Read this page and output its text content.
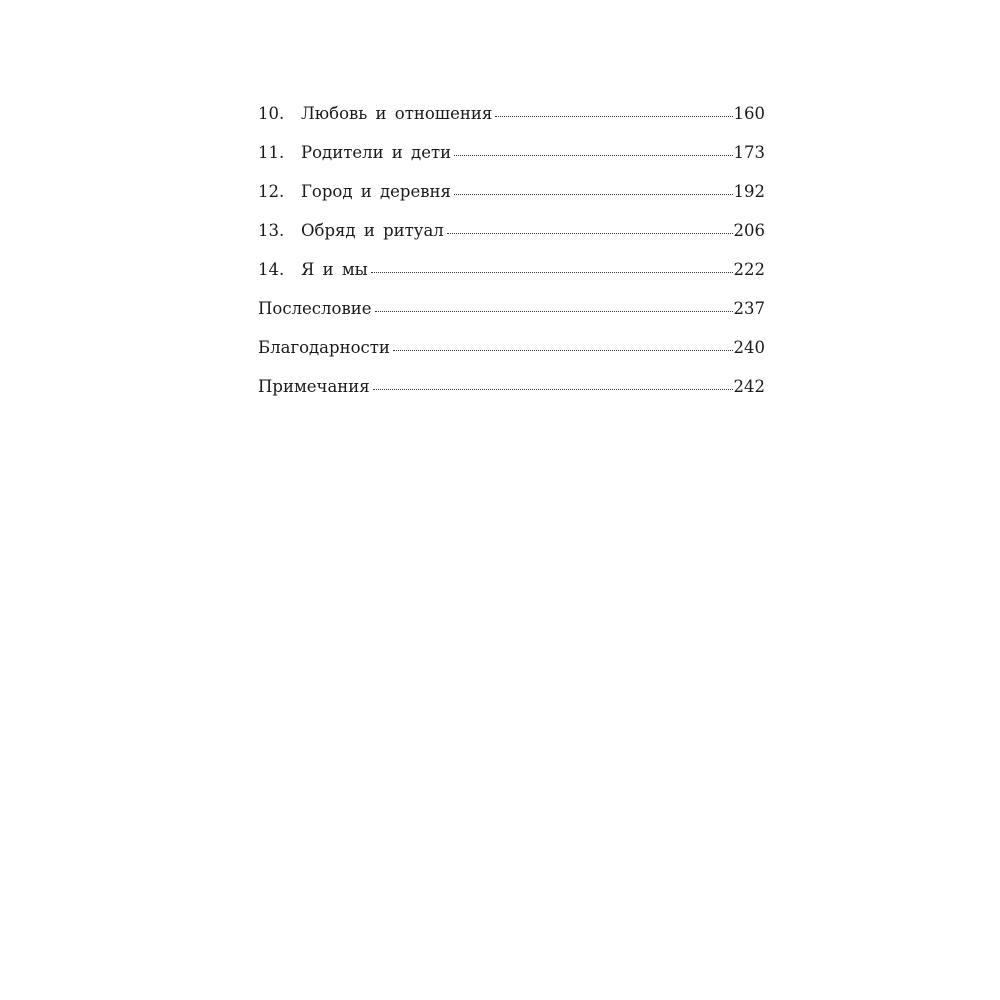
10.	Любовь и отношения	160
11.	Родители и дети	173
12.	Город и деревня	192
13.	Обряд и ритуал	206
14.	Я и мы	222
Послесловие	237
Благодарности	240
Примечания	242
